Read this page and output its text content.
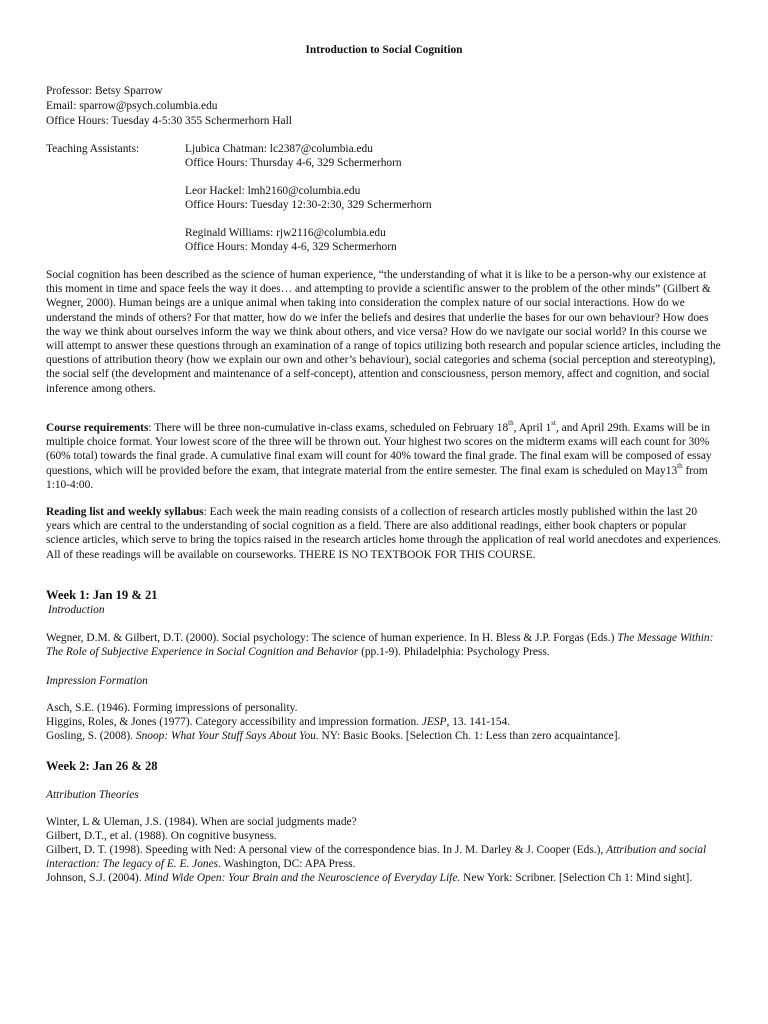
Introduction to Social Cognition
Professor: Betsy Sparrow
Email: sparrow@psych.columbia.edu
Office Hours: Tuesday 4-5:30 355 Schermerhorn Hall
Teaching Assistants:	Ljubica Chatman: lc2387@columbia.edu
Office Hours: Thursday 4-6, 329 Schermerhorn
Leor Hackel: lmh2160@columbia.edu
Office Hours: Tuesday 12:30-2:30, 329 Schermerhorn
Reginald Williams: rjw2116@columbia.edu
Office Hours: Monday 4-6, 329 Schermerhorn
Social cognition has been described as the science of human experience, “the understanding of what it is like to be a person-why our existence at this moment in time and space feels the way it does… and attempting to provide a scientific answer to the problem of the other minds” (Gilbert & Wegner, 2000). Human beings are a unique animal when taking into consideration the complex nature of our social interactions. How do we understand the minds of others? For that matter, how do we infer the beliefs and desires that underlie the bases for our own behaviour? How does the way we think about ourselves inform the way we think about others, and vice versa? How do we navigate our social world? In this course we will attempt to answer these questions through an examination of a range of topics utilizing both research and popular science articles, including the questions of attribution theory (how we explain our own and other’s behaviour), social categories and schema (social perception and stereotyping), the social self (the development and maintenance of a self-concept), attention and consciousness, person memory, affect and cognition, and social inference among others.
Course requirements: There will be three non-cumulative in-class exams, scheduled on February 18th, April 1st, and April 29th. Exams will be in multiple choice format. Your lowest score of the three will be thrown out. Your highest two scores on the midterm exams will each count for 30% (60% total) towards the final grade. A cumulative final exam will count for 40% toward the final grade. The final exam will be composed of essay questions, which will be provided before the exam, that integrate material from the entire semester. The final exam is scheduled on May13th from 1:10-4:00.
Reading list and weekly syllabus: Each week the main reading consists of a collection of research articles mostly published within the last 20 years which are central to the understanding of social cognition as a field. There are also additional readings, either book chapters or popular science articles, which serve to bring the topics raised in the research articles home through the application of real world anecdotes and experiences. All of these readings will be available on courseworks. THERE IS NO TEXTBOOK FOR THIS COURSE.
Week 1: Jan 19 & 21
Introduction
Wegner, D.M. & Gilbert, D.T. (2000). Social psychology: The science of human experience. In H. Bless & J.P. Forgas (Eds.) The Message Within: The Role of Subjective Experience in Social Cognition and Behavior (pp.1-9). Philadelphia: Psychology Press.
Impression Formation
Asch, S.E. (1946). Forming impressions of personality.
Higgins, Roles, & Jones (1977). Category accessibility and impression formation. JESP, 13. 141-154.
Gosling, S. (2008). Snoop: What Your Stuff Says About You. NY: Basic Books. [Selection Ch. 1: Less than zero acquaintance].
Week 2: Jan 26 & 28
Attribution Theories
Winter, L & Uleman, J.S. (1984). When are social judgments made?
Gilbert, D.T., et al. (1988). On cognitive busyness.
Gilbert, D. T. (1998). Speeding with Ned: A personal view of the correspondence bias. In J. M. Darley & J. Cooper (Eds.), Attribution and social interaction: The legacy of E. E. Jones. Washington, DC: APA Press.
Johnson, S.J. (2004). Mind Wide Open: Your Brain and the Neuroscience of Everyday Life. New York: Scribner. [Selection Ch 1: Mind sight].
